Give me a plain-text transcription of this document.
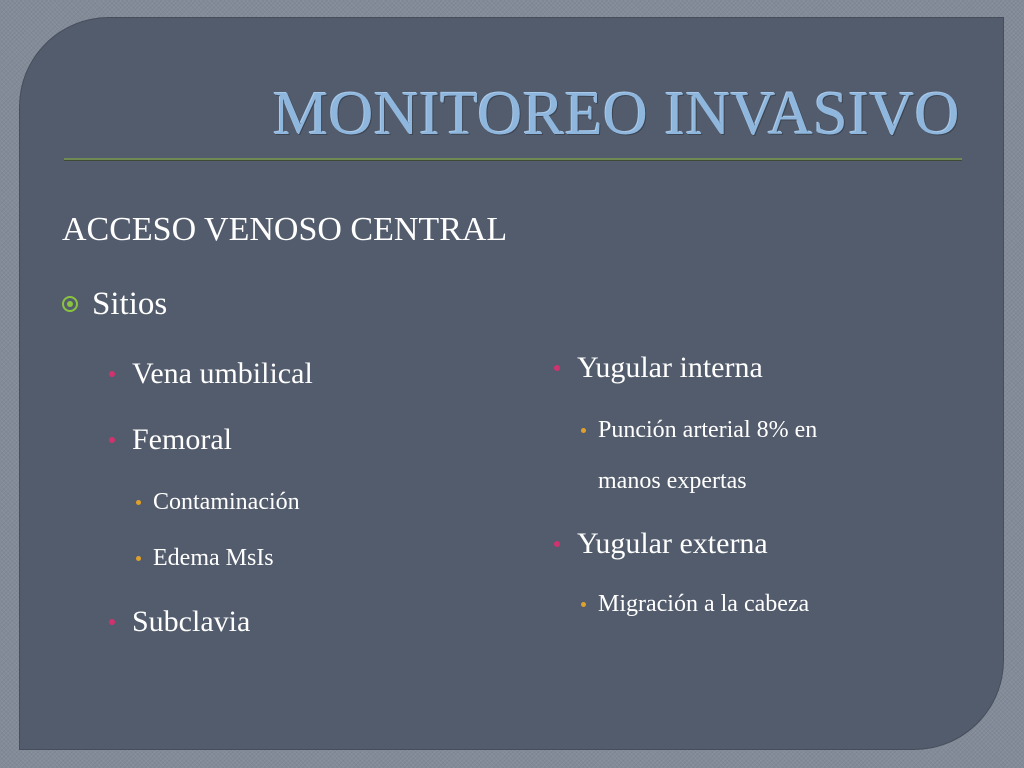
MONITOREO INVASIVO
ACCESO VENOSO CENTRAL
Sitios
Vena umbilical
Femoral
Contaminación
Edema MsIs
Subclavia
Yugular interna
Punción arterial 8% en
manos expertas
Yugular externa
Migración a la cabeza
